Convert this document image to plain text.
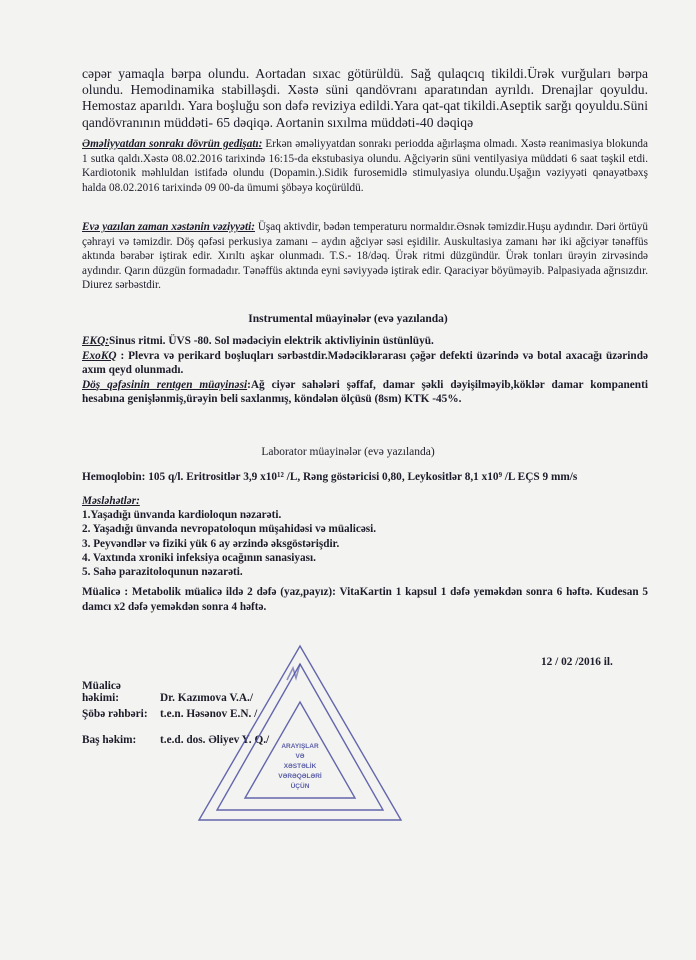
cəpər yamaqla bərpa olundu. Aortadan sıxac götürüldü. Sağ qulaqcıq tikildi.Ürək vurğuları bərpa olundu. Hemodinamika stabilləşdi. Xəstə süni qandövranı aparatından ayrıldı. Drenajlar qoyuldu. Hemostaz aparıldı. Yara boşluğu son dəfə reviziya edildi.Yara qat-qat tikildi.Aseptik sarğı qoyuldu.Süni qandövranının müddəti- 65 dəqiqə. Aortanin sıxılma müddəti-40 dəqiqə
Əməliyyatdan sonrakı dövrün gedişatı: Erkən əməliyyatdan sonrakı periodda ağırlaşma olmadı. Xəstə reanimasiya blokunda 1 sutka qaldı.Xəstə 08.02.2016 tarixində 16:15-da ekstubasiya olundu. Ağciyərin süni ventilyasiya müddəti 6 saat təşkil etdi. Kardiotonik məhluldan istifadə olundu (Dopamin.).Sidik furosemidlə stimulyasiya olundu.Uşağın vəziyyəti qənayətbəxş halda 08.02.2016 tarixində 09 00-da ümumi şöbəyə koçürüldü.
Evə yazılan zaman xəstənin vəziyyəti: Üşaq aktivdir, bədən temperaturu normaldır.Əsnək təmizdir.Huşu aydındır. Dəri örtüyü çəhrayi və təmizdir. Döş qəfəsi perkusiya zamanı – aydın ağciyər səsi eşidilir. Auskultasiya zamanı hər iki ağciyər tənəffüs aktında bərabər iştirak edir. Xırıltı aşkar olunmadı. T.S.- 18/dəq. Ürək ritmi düzgündür. Ürək tonları ürəyin zirvəsində aydındır. Qarın düzgün formadadır. Tənəffüs aktında eyni səviyyədə iştirak edir. Qaraciyər böyüməyib. Palpasiyada ağrısızdır. Diurez sərbəstdir.
Instrumental müayinələr (evə yazılanda)
EKQ:Sinus ritmi. ÜVS -80. Sol mədəciyin elektrik aktivliyinin üstünlüyü.
ExoKQ : Plevra və perikard boşluqları sərbəstdir.Mədəciklərarası çəğər defekti üzərində və botal axacağı üzərində axım qeyd olunmadı.
Döş qəfəsinin rentgen müayinəsi:Ağ ciyər sahələri şəffaf, damar şəkli dəyişilməyib,köklər damar kompanenti hesabına genişlənmiş,ürəyin beli saxlanmış, köndələn ölçüsü (8sm) KTK -45%.
Laborator müayinələr (evə yazılanda)
Hemoqlobin: 105 q/l. Eritrositlər 3,9 x10¹² /L, Rəng göstəricisi 0,80, Leykositlər 8,1 x10⁹ /L EÇS 9 mm/s
Məsləhətlər:
1.Yaşadığı ünvanda kardioloqun nəzarəti.
2. Yaşadığı ünvanda nevropatoloqun müşahidəsi və müalicəsi.
3. Peyvəndlər və fiziki yük 6 ay ərzində əksgöstərişdir.
4. Vaxtında xroniki infeksiya ocağının sanasiyası.
5. Sahə parazitoloqunun nəzarəti.
Müalicə : Metabolik müalicə ildə 2 dəfə (yaz,payız): VitaKartin 1 kapsul 1 dəfə yeməkdən sonra 6 həftə. Kudesan 5 damcı x2 dəfə yeməkdən sonra 4 həftə.
12 / 02 /2016 il.
Müalicə həkimi:	Dr. Kazımova V.A./
Şöbə rəhbəri: t.e.n. Həsənov E.N. /
Baş həkim: t.e.d. dos. Əliyev Y. Q./
ARAYIŞLAR
VƏ
XƏSTƏLİK
VƏRƏQƏLƏRİ
ÜÇÜN
